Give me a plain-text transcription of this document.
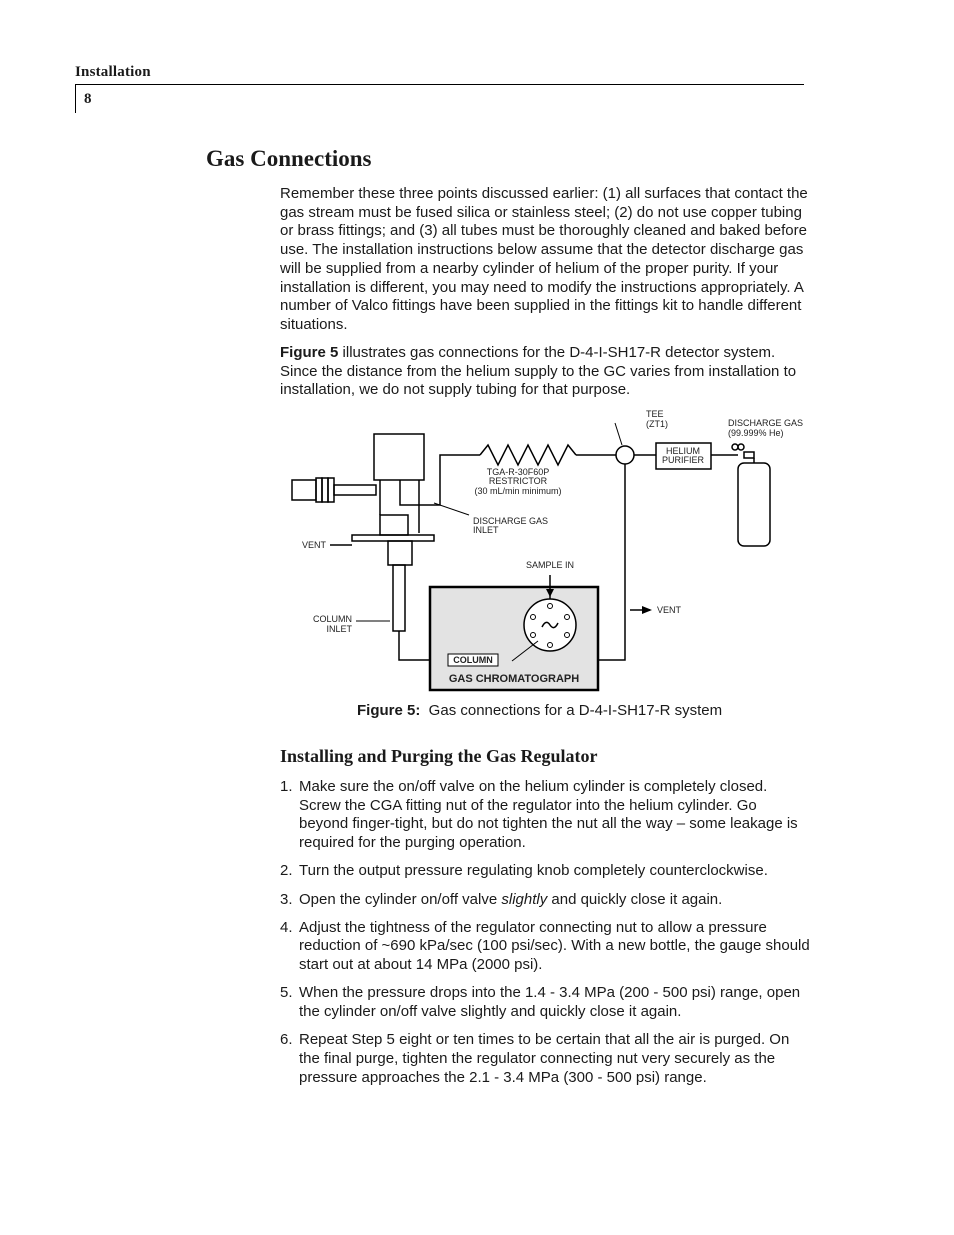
Installation
8
Gas Connections

Remember these three points discussed earlier: (1) all surfaces that contact the gas stream must be fused silica or stainless steel; (2) do not use copper tubing or brass fittings; and (3) all tubes must be thoroughly cleaned and baked before use. The installation instructions below assume that the detector discharge gas will be supplied from a nearby cylinder of helium of the proper purity. If your installation is different, you may need to modify the instructions appropriately. A number of Valco fittings have been supplied in the fittings kit to handle different situations.

Figure 5 illustrates gas connections for the D-4-I-SH17-R detector system. Since the distance from the helium supply to the GC varies from installation to installation, we do not supply tubing for that purpose.

TEE
(ZT1)	DISCHARGE GAS
(99.999% He)
HELIUM
PURIFIER
TGA-R-30F60P
RESTRICTOR
(30 mL/min minimum)
DISCHARGE GAS
INLET
VENT
SAMPLE IN
VENT
COLUMN
INLET
COLUMN
GAS CHROMATOGRAPH
Figure 5:  Gas connections for a D-4-I-SH17-R system
Installing and Purging the Gas Regulator
1. Make sure the on/off valve on the helium cylinder is completely closed. Screw the CGA fitting nut of the regulator into the helium cylinder. Go beyond finger-tight, but do not tighten the nut all the way – some leakage is required for the purging operation.
2. Turn the output pressure regulating knob completely counterclockwise.
3. Open the cylinder on/off valve slightly and quickly close it again.
4. Adjust the tightness of the regulator connecting nut to allow a pressure reduction of ~690 kPa/sec (100 psi/sec). With a new bottle, the gauge should start out at about 14 MPa (2000 psi).
5. When the pressure drops into the 1.4 - 3.4 MPa (200 - 500 psi) range, open the cylinder on/off valve slightly and quickly close it again.
6. Repeat Step 5 eight or ten times to be certain that all the air is purged. On the final purge, tighten the regulator connecting nut very securely as the pressure approaches the 2.1 - 3.4 MPa (300 - 500 psi) range.
